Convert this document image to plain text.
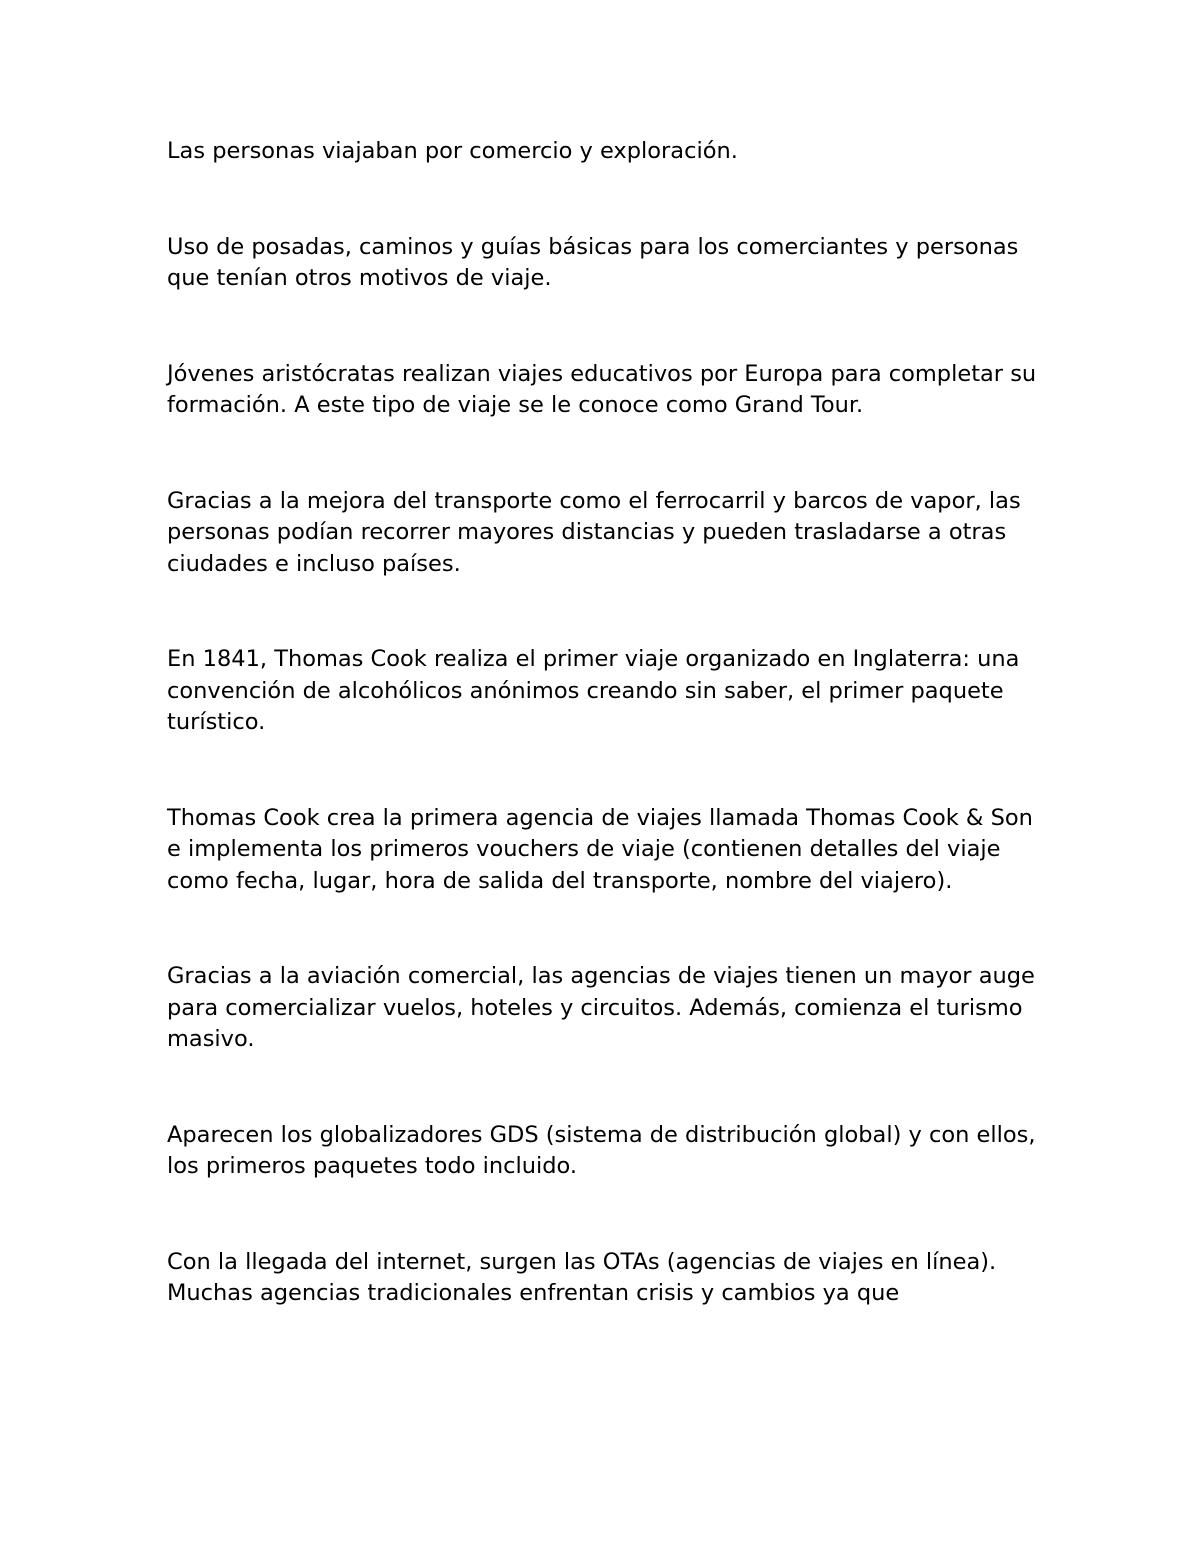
Las personas viajaban por comercio y exploración.

Uso de posadas, caminos y guías básicas para los comerciantes y personas que tenían otros motivos de viaje.

Jóvenes aristócratas realizan viajes educativos por Europa para completar su formación. A este tipo de viaje se le conoce como Grand Tour.

Gracias a la mejora del transporte como el ferrocarril y barcos de vapor, las personas podían recorrer mayores distancias y pueden trasladarse a otras ciudades e incluso países.

En 1841, Thomas Cook realiza el primer viaje organizado en Inglaterra: una convención de alcohólicos anónimos creando sin saber, el primer paquete turístico.

Thomas Cook crea la primera agencia de viajes llamada Thomas Cook & Son e implementa los primeros vouchers de viaje (contienen detalles del viaje como fecha, lugar, hora de salida del transporte, nombre del viajero).

Gracias a la aviación comercial, las agencias de viajes tienen un mayor auge para comercializar vuelos, hoteles y circuitos. Además, comienza el turismo masivo.

Aparecen los globalizadores GDS (sistema de distribución global) y con ellos, los primeros paquetes todo incluido.

Con la llegada del internet, surgen las OTAs (agencias de viajes en línea). Muchas agencias tradicionales enfrentan crisis y cambios ya que
